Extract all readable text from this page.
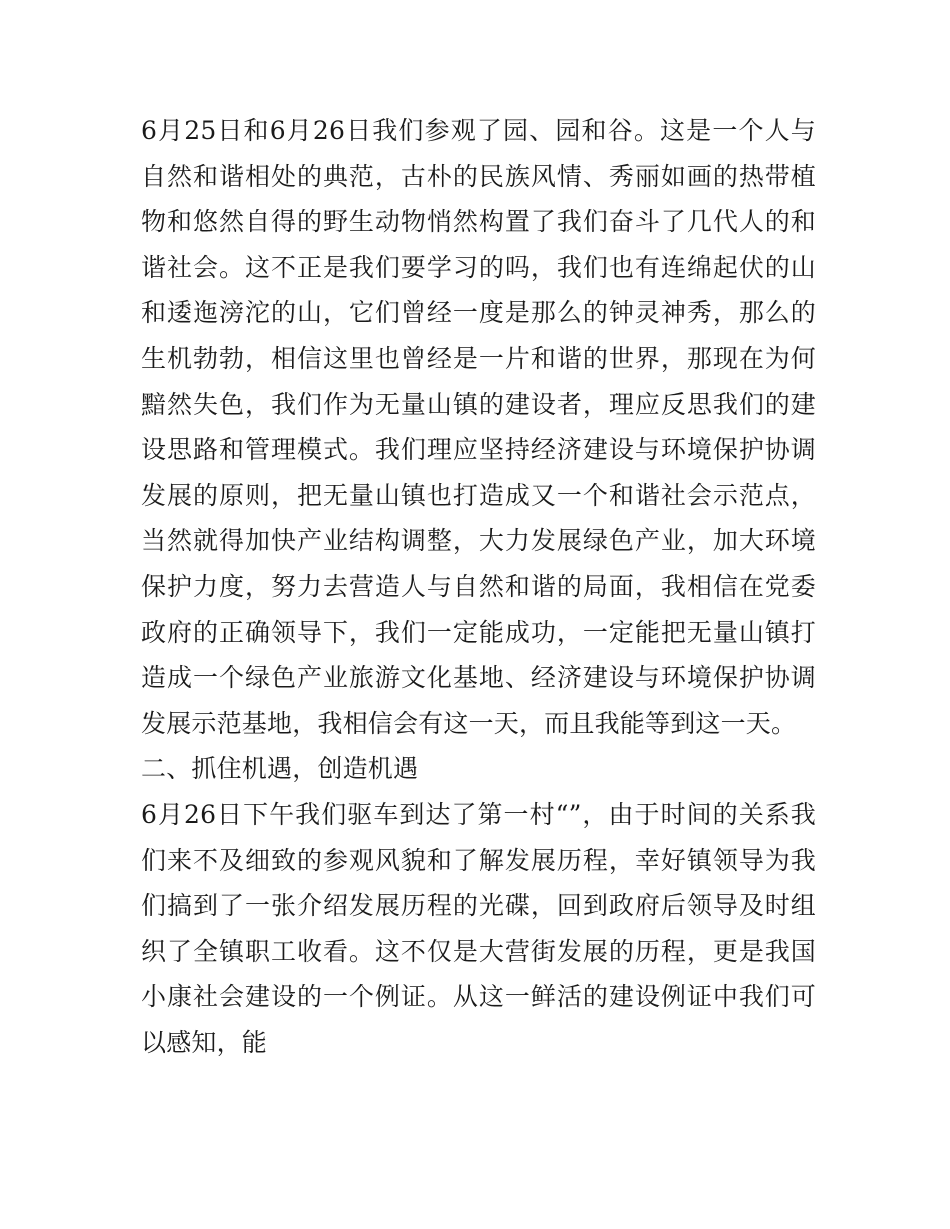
6月25日和6月26日我们参观了园、园和谷。这是一个人与自然和谐相处的典范，古朴的民族风情、秀丽如画的热带植物和悠然自得的野生动物悄然构置了我们奋斗了几代人的和谐社会。这不正是我们要学习的吗，我们也有连绵起伏的山和逶迤滂沱的山，它们曾经一度是那么的钟灵神秀，那么的生机勃勃，相信这里也曾经是一片和谐的世界，那现在为何黯然失色，我们作为无量山镇的建设者，理应反思我们的建设思路和管理模式。我们理应坚持经济建设与环境保护协调发展的原则，把无量山镇也打造成又一个和谐社会示范点，当然就得加快产业结构调整，大力发展绿色产业，加大环境保护力度，努力去营造人与自然和谐的局面，我相信在党委政府的正确领导下，我们一定能成功，一定能把无量山镇打造成一个绿色产业旅游文化基地、经济建设与环境保护协调发展示范基地，我相信会有这一天，而且我能等到这一天。

二、抓住机遇，创造机遇

6月26日下午我们驱车到达了第一村“”，由于时间的关系我们来不及细致的参观风貌和了解发展历程，幸好镇领导为我们搞到了一张介绍发展历程的光碟，回到政府后领导及时组织了全镇职工收看。这不仅是大营街发展的历程，更是我国小康社会建设的一个例证。从这一鲜活的建设例证中我们可以感知，能
